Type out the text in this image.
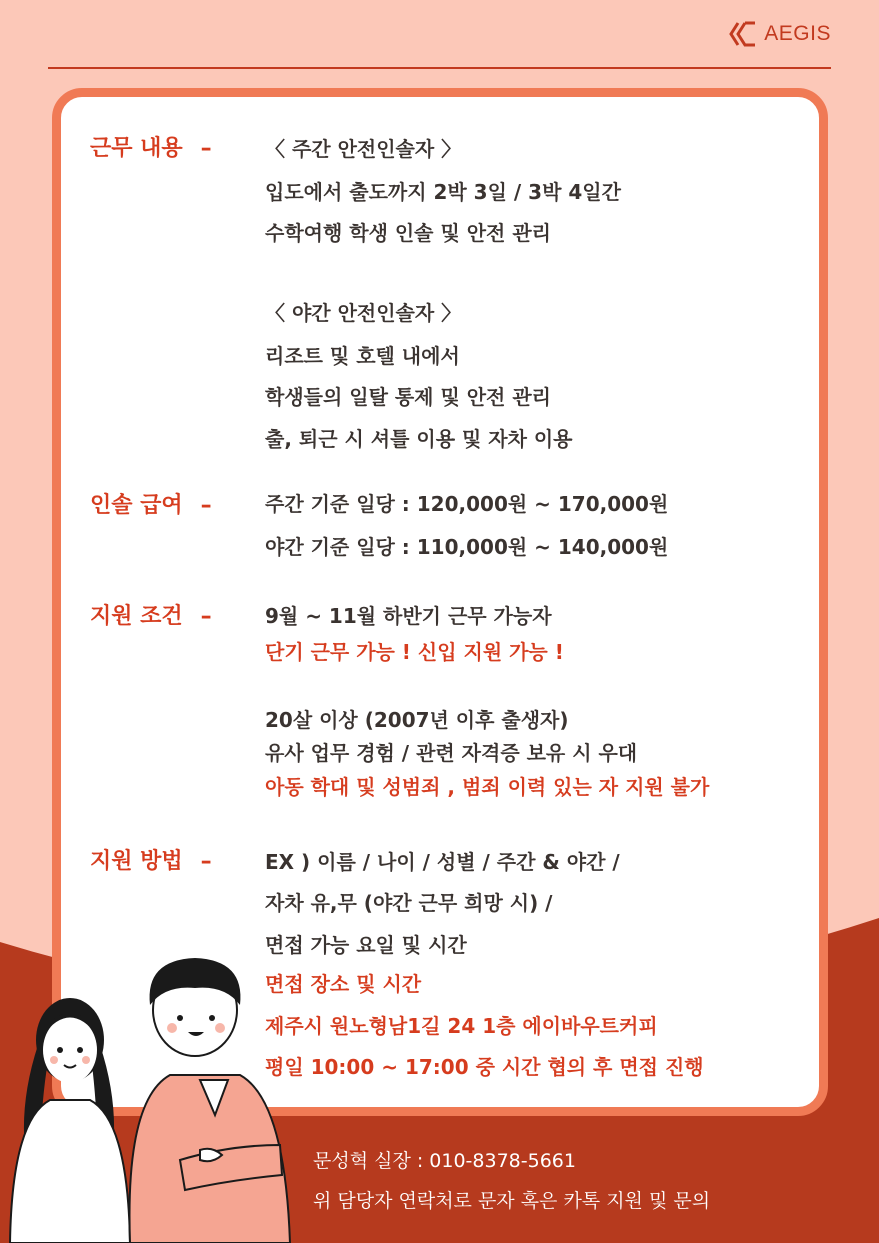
AEGIS
근무 내용 –	〈 주간 안전인솔자 〉
입도에서 출도까지 2박 3일 / 3박 4일간
수학여행 학생 인솔 및 안전 관리
〈 야간 안전인솔자 〉
리조트 및 호텔 내에서
학생들의 일탈 통제 및 안전 관리
출, 퇴근 시 셔틀 이용 및 자차 이용
인솔 급여 –	주간 기준 일당 : 120,000원 ~ 170,000원
야간 기준 일당 : 110,000원 ~ 140,000원
지원 조건 –	9월 ~ 11월 하반기 근무 가능자
단기 근무 가능 ! 신입 지원 가능 !
20살 이상 (2007년 이후 출생자)
유사 업무 경험 / 관련 자격증 보유 시 우대
아동 학대 및 성범죄 , 범죄 이력 있는 자 지원 불가
지원 방법 –	EX ) 이름 / 나이 / 성별 / 주간 & 야간 /
자차 유,무 (야간 근무 희망 시) /
면접 가능 요일 및 시간
면접 장소 및 시간
제주시 원노형남1길 24 1층 에이바우트커피
평일 10:00 ~ 17:00 중 시간 협의 후 면접 진행
문성혁 실장 : 010-8378-5661
위 담당자 연락처로 문자 혹은 카톡 지원 및 문의
